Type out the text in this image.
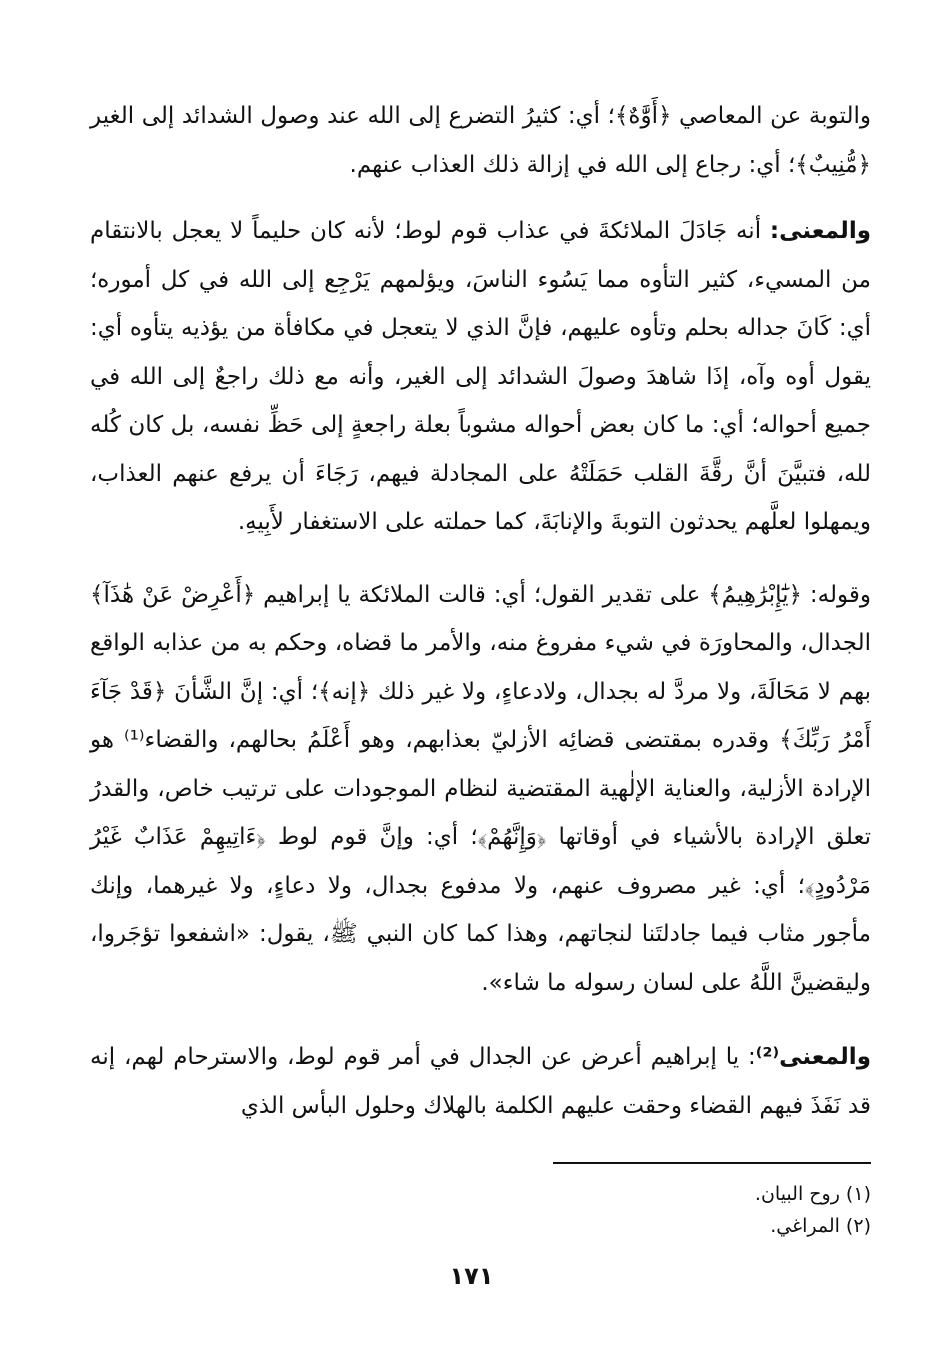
والتوبة عن المعاصي ﴿أَوَّٰهٌ﴾؛ أي: كثيرُ التضرع إلى الله عند وصول الشدائد إلى الغير ﴿مُّنِيبٌ﴾؛ أي: رجاع إلى الله في إزالة ذلك العذاب عنهم.

والمعنى: أنه جَادَلَ الملائكةَ في عذاب قوم لوط؛ لأنه كان حليماً لا يعجل بالانتقام من المسيء، كثير التأوه مما يَسُوء الناسَ، ويؤلمهم يَرْجِع إلى الله في كل أموره؛ أي: كَانَ جداله بحلم وتأوه عليهم، فإنَّ الذي لا يتعجل في مكافأة من يؤذيه يتأوه أي: يقول أوه وآه، إذَا شاهدَ وصولَ الشدائد إلى الغير، وأنه مع ذلك راجعٌ إلى الله في جميع أحواله؛ أي: ما كان بعض أحواله مشوباً بعلة راجعةٍ إلى حَظِّ نفسه، بل كان كُله لله، فتبيَّنَ أنَّ رقَّةَ القلب حَمَلَتْهُ على المجادلة فيهم، رَجَاءَ أن يرفع عنهم العذاب، ويمهلوا لعلَّهم يحدثون التوبةَ والإنابَةَ، كما حملته على الاستغفار لأَبِيهِ.

وقوله: ﴿يَٰٓإِبْرَٰهِيمُ﴾ على تقدير القول؛ أي: قالت الملائكة يا إبراهيم ﴿أَعْرِضْ عَنْ هَٰذَآ﴾ الجدال، والمحاورَة في شيء مفروغ منه، والأمر ما قضاه، وحكم به من عذابه الواقع بهم لا مَحَالَةَ، ولا مردَّ له بجدال، ولادعاءٍ، ولا غير ذلك ﴿إنه﴾؛ أي: إنَّ الشَّأنَ ﴿قَدْ جَآءَ أَمْرُ رَبِّكَ﴾ وقدره بمقتضى قضائِه الأزليّ بعذابهم، وهو أَعْلَمُ بحالهم، والقضاء⁽¹⁾ هو الإرادة الأزلية، والعناية الإلٰهية المقتضية لنظام الموجودات على ترتيب خاص، والقدرُ تعلق الإرادة بالأشياء في أوقاتها ﴿وَإِنَّهُمْ﴾؛ أي: وإنَّ قوم لوط ﴿ءَاتِيهِمْ عَذَابٌ غَيْرُ مَرْدُودٍ﴾؛ أي: غير مصروف عنهم، ولا مدفوع بجدال، ولا دعاءٍ، ولا غيرهما، وإنك مأجور مثاب فيما جادلتَنا لنجاتهم، وهذا كما كان النبي ﷺ، يقول: «اشفعوا تؤجَروا، وليقضينَّ اللَّهُ على لسان رسوله ما شاء».

والمعنى⁽²⁾: يا إبراهيم أعرض عن الجدال في أمر قوم لوط، والاسترحام لهم، إنه قد نَفَذَ فيهم القضاء وحقت عليهم الكلمة بالهلاك وحلول البأس الذي

(١) روح البيان.

(٢) المراغي.

١٧١
